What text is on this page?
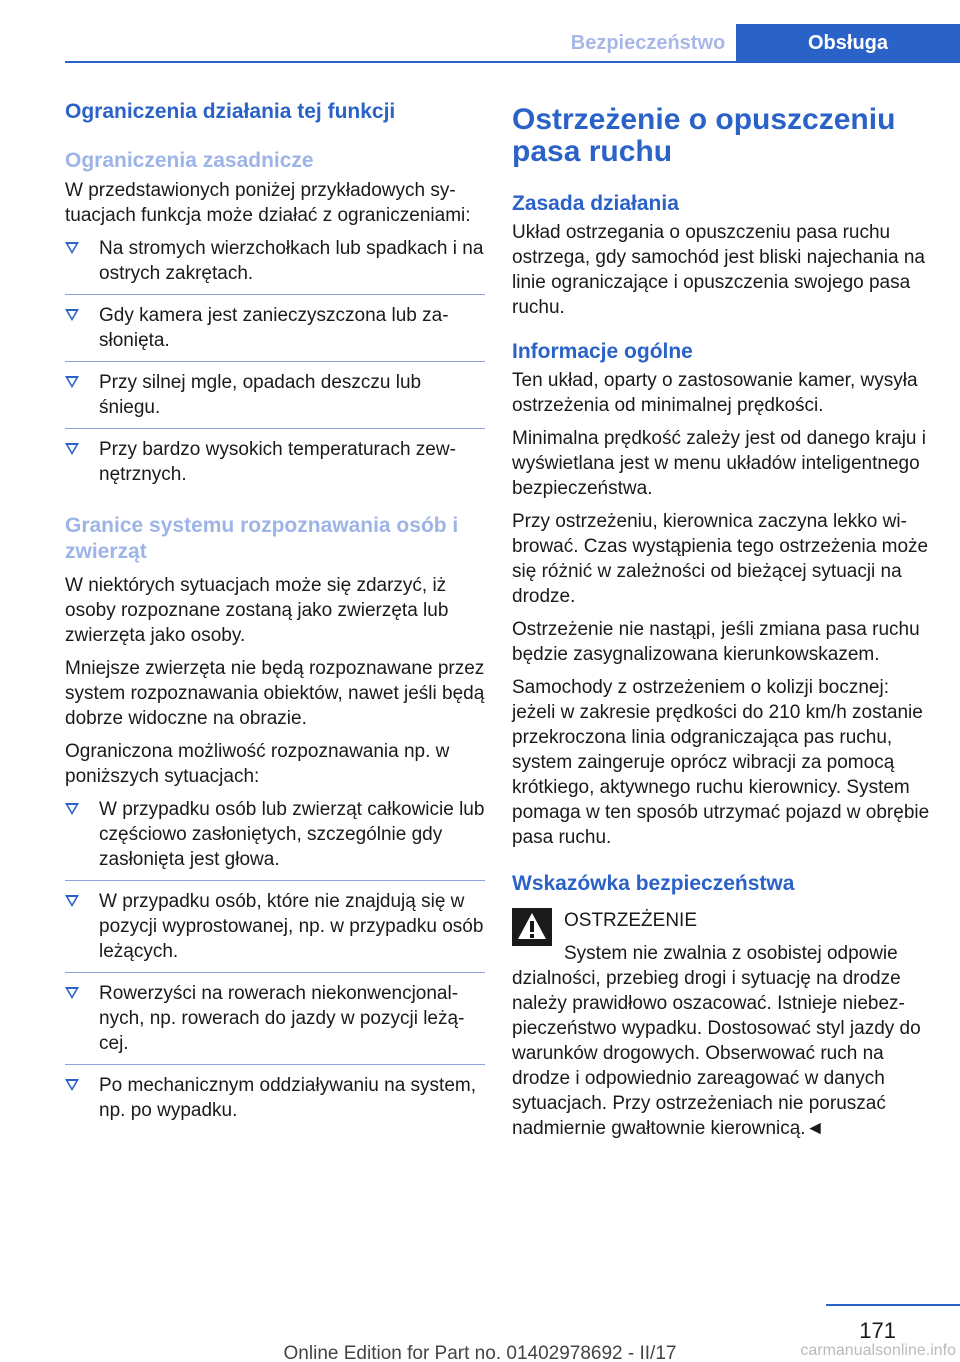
Bezpieczeństwo	Obsługa
Ograniczenia działania tej funkcji
Ograniczenia zasadnicze

W przedstawionych poniżej przykładowych sytuacjach funkcja może działać z ograniczeniami:

Na stromych wierzchołkach lub spadkach i na ostrych zakrętach.
Gdy kamera jest zanieczyszczona lub zasłonięta.
Przy silnej mgle, opadach deszczu lub śniegu.
Przy bardzo wysokich temperaturach zewnętrznych.
Granice systemu rozpoznawania osób i zwierząt

W niektórych sytuacjach może się zdarzyć, iż osoby rozpoznane zostaną jako zwierzęta lub zwierzęta jako osoby.

Mniejsze zwierzęta nie będą rozpoznawane przez system rozpoznawania obiektów, nawet jeśli będą dobrze widoczne na obrazie.

Ograniczona możliwość rozpoznawania np. w poniższych sytuacjach:

W przypadku osób lub zwierząt całkowicie lub częściowo zasłoniętych, szczególnie gdy zasłonięta jest głowa.
W przypadku osób, które nie znajdują się w pozycji wyprostowanej, np. w przypadku osób leżących.
Rowerzyści na rowerach niekonwencjonalnych, np. rowerach do jazdy w pozycji leżącej.
Po mechanicznym oddziaływaniu na system, np. po wypadku.
Ostrzeżenie o opuszczeniu pasa ruchu
Zasada działania

Układ ostrzegania o opuszczeniu pasa ruchu ostrzega, gdy samochód jest bliski najechania na linie ograniczające i opuszczenia swojego pasa ruchu.

Informacje ogólne

Ten układ, oparty o zastosowanie kamer, wysyła ostrzeżenia od minimalnej prędkości.

Minimalna prędkość zależy jest od danego kraju i wyświetlana jest w menu układów inteligentnego bezpieczeństwa.

Przy ostrzeżeniu, kierownica zaczyna lekko wibrować. Czas wystąpienia tego ostrzeżenia może się różnić w zależności od bieżącej sytuacji na drodze.

Ostrzeżenie nie nastąpi, jeśli zmiana pasa ruchu będzie zasygnalizowana kierunkowskazem.

Samochody z ostrzeżeniem o kolizji bocznej: jeżeli w zakresie prędkości do 210 km/h zostanie przekroczona linia odgraniczająca pas ruchu, system zaingeruje oprócz wibracji za pomocą krótkiego, aktywnego ruchu kierownicy. System pomaga w ten sposób utrzymać pojazd w obrębie pasa ruchu.

Wskazówka bezpieczeństwa
OSTRZEŻENIE
System nie zwalnia z osobistej odpowie
dzialności, przebieg drogi i sytuację na drodze należy prawidłowo oszacować. Istnieje niebezpieczeństwo wypadku. Dostosować styl jazdy do warunków drogowych. Obserwować ruch na drodze i odpowiednio zareagować w danych sytuacjach. Przy ostrzeżeniach nie poruszać nadmiernie gwałtownie kierownicą.◄
171
Online Edition for Part no. 01402978692 - II/17	carmanualsonline.info
